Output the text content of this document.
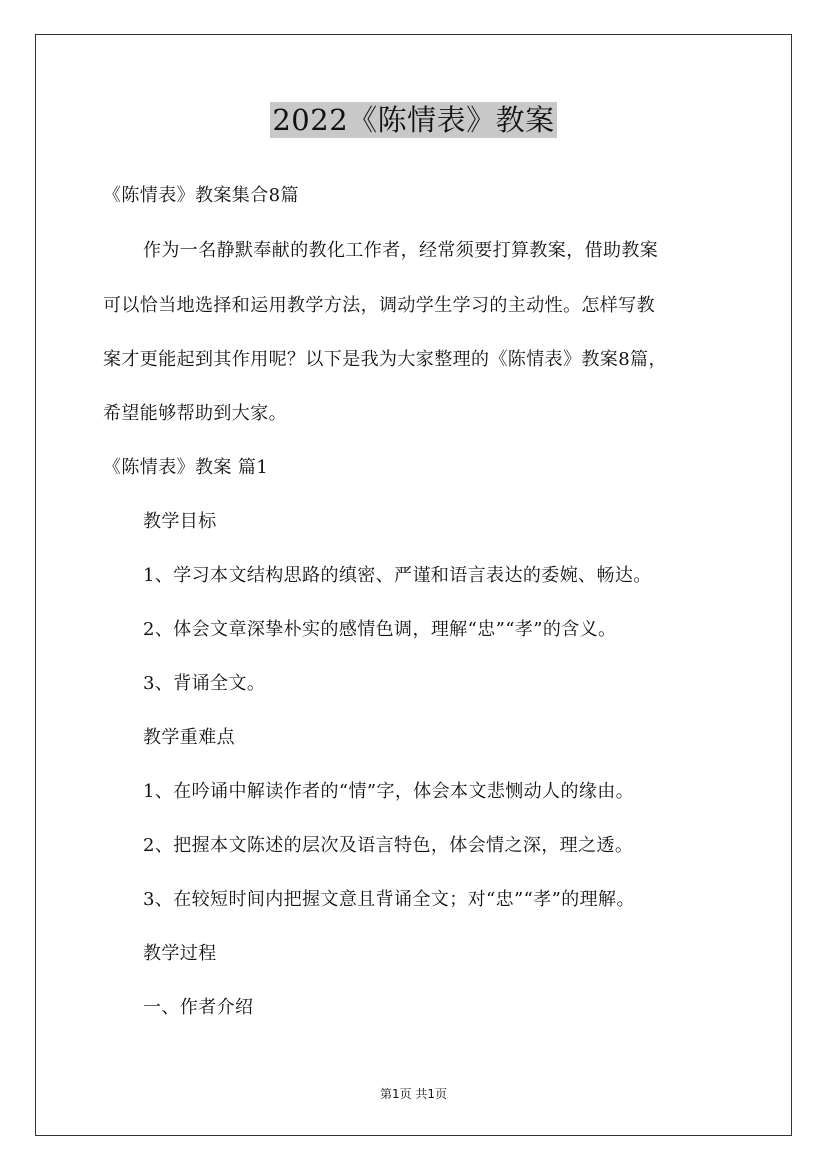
2022《陈情表》教案
《陈情表》教案集合8篇
作为一名静默奉献的教化工作者，经常须要打算教案，借助教案
可以恰当地选择和运用教学方法，调动学生学习的主动性。怎样写教
案才更能起到其作用呢？以下是我为大家整理的《陈情表》教案8篇，
希望能够帮助到大家。
《陈情表》教案 篇1
教学目标
1、学习本文结构思路的缜密、严谨和语言表达的委婉、畅达。
2、体会文章深挚朴实的感情色调，理解“忠”“孝”的含义。
3、背诵全文。
教学重难点
1、在吟诵中解读作者的“情”字，体会本文悲恻动人的缘由。
2、把握本文陈述的层次及语言特色，体会情之深，理之透。
3、在较短时间内把握文意且背诵全文；对“忠”“孝”的理解。
教学过程
一、作者介绍
第1页 共1页
